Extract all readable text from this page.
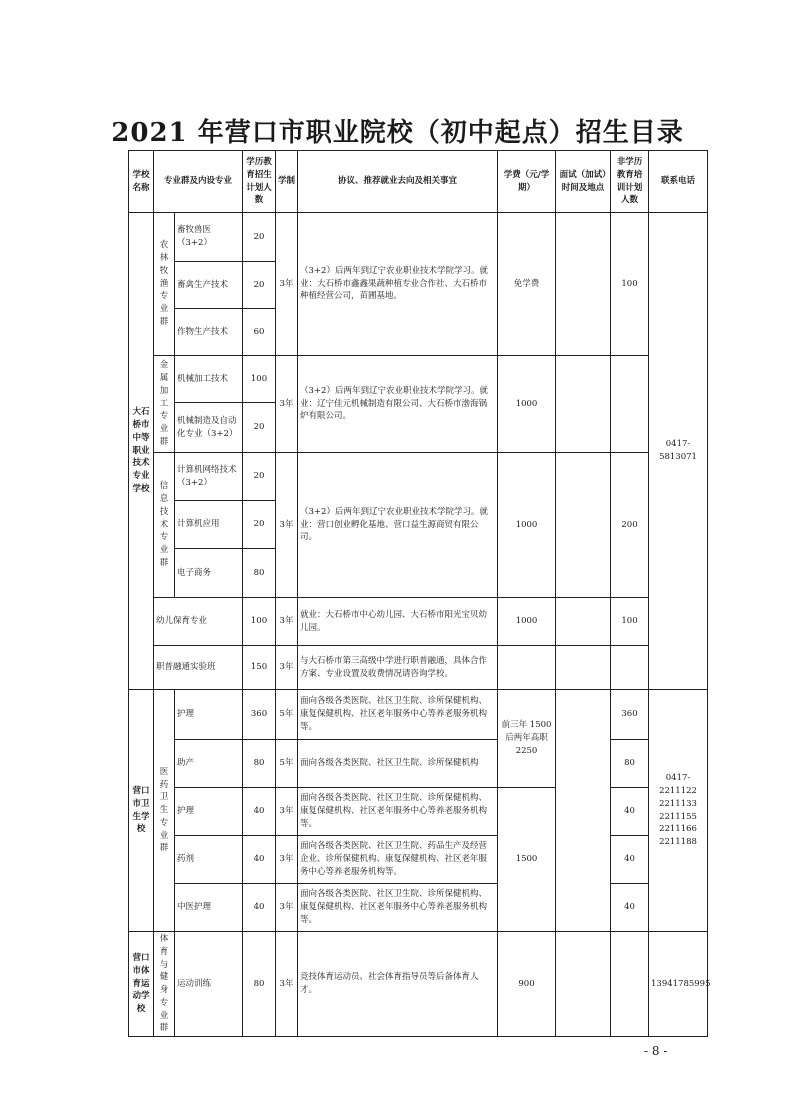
2021 年营口市职业院校（初中起点）招生目录
学校名称	专业群及内设专业		学历教育招生计划人数	学制	协议、推荐就业去向及相关事宜	学费（元/学期）	面试（加试）时间及地点	非学历教育培训计划人数	联系电话
大石桥市中等职业技术专业学校	农林牧渔专业群	畜牧兽医（3+2）	20	3年	（3+2）后两年到辽宁农业职业技术学院学习。就业：大石桥市鑫鑫果蔬种植专业合作社、大石桥市种植经营公司，苗圃基地。	免学费		100	0417-5813071
		畜禽生产技术	20						
		作物生产技术	60						
	金属加工专业群	机械加工技术	100	3年	（3+2）后两年到辽宁农业职业技术学院学习。就业：辽宁佳元机械制造有限公司、大石桥市渤海锅炉有限公司。	1000			
		机械制造及自动化专业（3+2）	20						
	信息技术专业群	计算机网络技术（3+2）	20	3年	（3+2）后两年到辽宁农业职业技术学院学习。就业：营口创业孵化基地、营口益生源商贸有限公司。	1000		200	
		计算机应用	20						
		电子商务	80						
	幼儿保育专业		100	3年	就业：大石桥市中心幼儿园、大石桥市阳光宝贝幼儿园。	1000		100	
	职普融通实验班		150	3年	与大石桥市第三高级中学进行职普融通，具体合作方案、专业设置及收费情况请咨询学校。				
营口市卫生学校	医药卫生专业群	护理	360	5年	面向各级各类医院、社区卫生院、诊所保健机构、康复保健机构、社区老年服务中心等养老服务机构等。	前三年 1500 后两年高职 2250		360	0417-2211122 2211133 2211155 2211166 2211188
		助产	80	5年	面向各级各类医院、社区卫生院、诊所保健机构			80	
		护理	40	3年	面向各级各类医院、社区卫生院、诊所保健机构、康复保健机构、社区老年服务中心等养老服务机构等。	1500		40	
		药剂	40	3年	面向各级各类医院、社区卫生院、药品生产及经营企业、诊所保健机构、康复保健机构、社区老年服务中心等养老服务机构等。			40	
		中医护理	40	3年	面向各级各类医院、社区卫生院、诊所保健机构、康复保健机构、社区老年服务中心等养老服务机构等。			40	
营口市体育运动学校	体育与健身专业群	运动训练	80	3年	竞技体育运动员、社会体育指导员等后备体育人才。	900			13941785995
- 8 -
